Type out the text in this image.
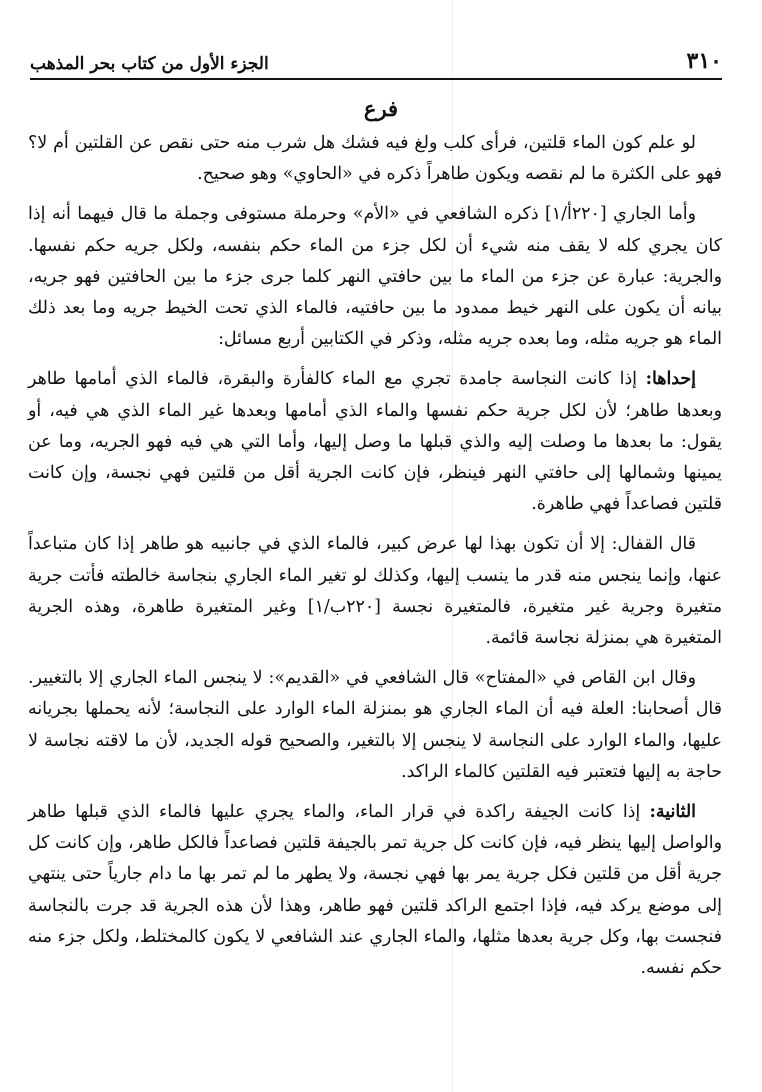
٣١٠
الجزء الأول من كتاب بحر المذهب
فرع

لو علم كون الماء قلتين، فرأى كلب ولغ فيه فشك هل شرب منه حتى نقص عن القلتين أم لا؟ فهو على الكثرة ما لم نقصه ويكون طاهراً ذكره في «الحاوي» وهو صحيح.

وأما الجاري [٢٢٠أ/١] ذكره الشافعي في «الأم» وحرملة مستوفى وجملة ما قال فيهما أنه إذا كان يجري كله لا يقف منه شيء أن لكل جزء من الماء حكم بنفسه، ولكل جريه حكم نفسها. والجرية: عبارة عن جزء من الماء ما بين حافتي النهر كلما جرى جزء ما بين الحافتين فهو جريه، بيانه أن يكون على النهر خيط ممدود ما بين حافتيه، فالماء الذي تحت الخيط جريه وما بعد ذلك الماء هو جريه مثله، وما بعده جريه مثله، وذكر في الكتابين أربع مسائل:

إحداها: إذا كانت النجاسة جامدة تجري مع الماء كالفأرة والبقرة، فالماء الذي أمامها طاهر وبعدها طاهر؛ لأن لكل جرية حكم نفسها والماء الذي أمامها وبعدها غير الماء الذي هي فيه، أو يقول: ما بعدها ما وصلت إليه والذي قبلها ما وصل إليها، وأما التي هي فيه فهو الجريه، وما عن يمينها وشمالها إلى حافتي النهر فينظر، فإن كانت الجرية أقل من قلتين فهي نجسة، وإن كانت قلتين فصاعداً فهي طاهرة.

قال القفال: إلا أن تكون بهذا لها عرض كبير، فالماء الذي في جانبيه هو طاهر إذا كان متباعداً عنها، وإنما ينجس منه قدر ما ينسب إليها، وكذلك لو تغير الماء الجاري بنجاسة خالطته فأتت جرية متغيرة وجرية غير متغيرة، فالمتغيرة نجسة [٢٢٠ب/١] وغير المتغيرة طاهرة، وهذه الجرية المتغيرة هي بمنزلة نجاسة قائمة.

وقال ابن القاص في «المفتاح» قال الشافعي في «القديم»: لا ينجس الماء الجاري إلا بالتغيير. قال أصحابنا: العلة فيه أن الماء الجاري هو بمنزلة الماء الوارد على النجاسة؛ لأنه يحملها بجريانه عليها، والماء الوارد على النجاسة لا ينجس إلا بالتغير، والصحيح قوله الجديد، لأن ما لاقته نجاسة لا حاجة به إليها فتعتبر فيه القلتين كالماء الراكد.

الثانية: إذا كانت الجيفة راكدة في قرار الماء، والماء يجري عليها فالماء الذي قبلها طاهر والواصل إليها ينظر فيه، فإن كانت كل جرية تمر بالجيفة قلتين فصاعداً فالكل طاهر، وإن كانت كل جرية أقل من قلتين فكل جرية يمر بها فهي نجسة، ولا يطهر ما لم تمر بها ما دام جارياً حتى ينتهي إلى موضع يركد فيه، فإذا اجتمع الراكد قلتين فهو طاهر، وهذا لأن هذه الجرية قد جرت بالنجاسة فنجست بها، وكل جرية بعدها مثلها، والماء الجاري عند الشافعي لا يكون كالمختلط، ولكل جزء منه حكم نفسه.
